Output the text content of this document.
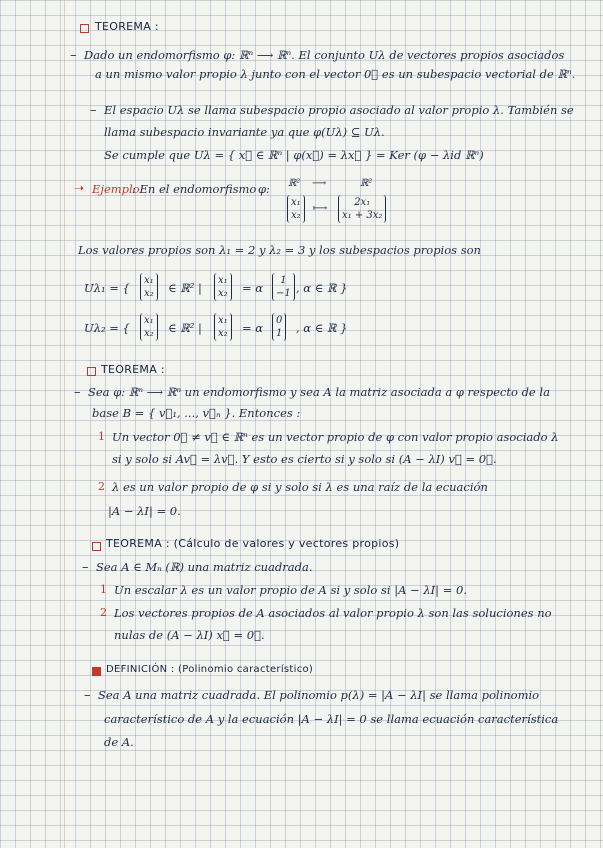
TEOREMA :
– Dado un endomorfismo φ: ℝⁿ ⟶ ℝⁿ. El conjunto Uλ de vectores propios asociados
a un mismo valor propio λ junto con el vector 0⃗ es un subespacio vectorial de ℝⁿ.
– El espacio Uλ se llama subespacio propio asociado al valor propio λ. También se
llama subespacio invariante ya que φ(Uλ) ⊆ Uλ.
Se cumple que Uλ = { x⃗ ∈ ℝⁿ | φ(x⃗) = λx⃗ } = Ker (φ − λid ℝⁿ)
➝ Ejemplo
: En el endomorfismo φ: ℝ² ⟶	ℝ²
x₁
x₂
⟼
2x₁
x₁ + 3x₂
Los valores propios son λ₁ = 2 y λ₂ = 3 y los subespacios propios son
Uλ₁ = {
x₁
x₂ ∈ ℝ² |
x₁
x₂ = α
1
−1 , α ∈ ℝ }
Uλ₂ = {
x₁
x₂ ∈ ℝ² |
x₁
x₂ = α
0
1 , α ∈ ℝ }
TEOREMA :
– Sea φ: ℝⁿ ⟶ ℝⁿ un endomorfismo y sea A la matriz asociada a φ respecto de la
base B = { v⃗₁, ..., v⃗ₙ }. Entonces :
1 Un vector 0⃗ ≠ v⃗ ∈ ℝⁿ es un vector propio de φ con valor propio asociado λ
si y solo si Av⃗ = λv⃗. Y esto es cierto si y solo si (A − λI) v⃗ = 0⃗.
2 λ es un valor propio de φ si y solo si λ es una raíz de la ecuación
|A − λI| = 0.
TEOREMA : (Cálculo de valores y vectores propios)
– Sea A ∈ Mₙ (ℝ) una matriz cuadrada.
1 Un escalar λ es un valor propio de A si y solo si |A − λI| = 0.
2 Los vectores propios de A asociados al valor propio λ son las soluciones no
nulas de (A − λI) x⃗ = 0⃗.
DEFINICIÓN : (Polinomio característico)
– Sea A una matriz cuadrada. El polinomio p(λ) = |A − λI| se llama polinomio
característico de A y la ecuación |A − λI| = 0 se llama ecuación característica
de A.
